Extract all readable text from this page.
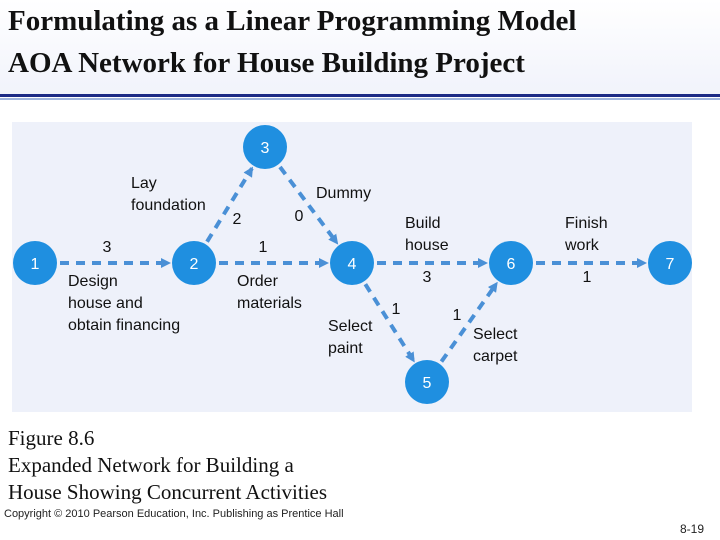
Formulating as a Linear Programming Model
AOA Network for House Building Project
1	2
3
4
5
6	7
Design house and obtain financing
Lay foundation
Order materials
Dummy
Select paint
Build house
Select carpet
Finish work
3
2
1
0
1
3
1
1
Figure 8.6
Expanded Network for Building a
House Showing Concurrent Activities
Copyright © 2010 Pearson Education, Inc. Publishing as Prentice Hall
8-19
